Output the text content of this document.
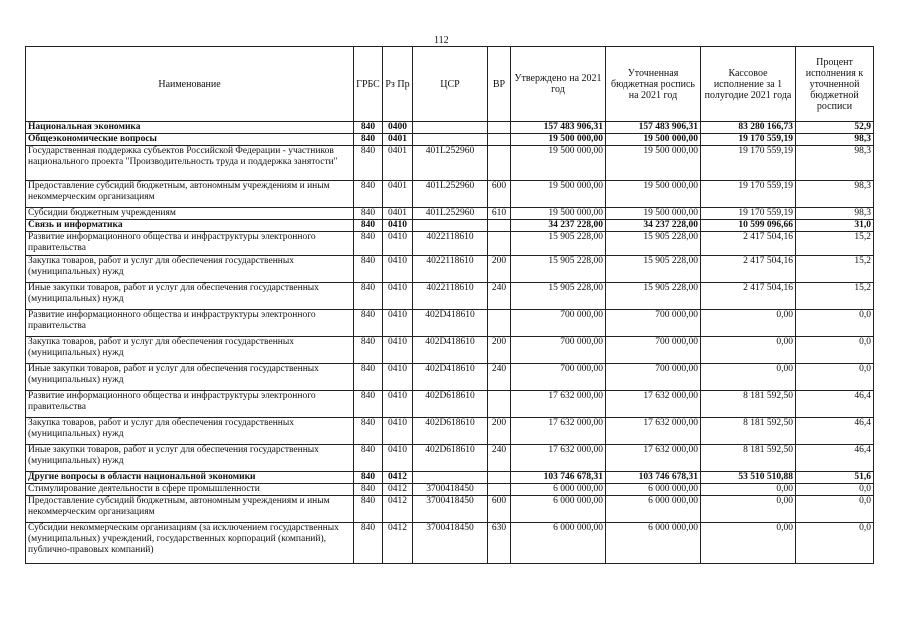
112
Наименование	ГРБС	Рз Пр	ЦСР	ВР	Утверждено на 2021 год	Уточненная бюджетная роспись на 2021 год	Кассовое исполнение за 1 полугодие 2021 года	Процент исполнения к уточненной бюджетной росписи
Национальная экономика	840	0400			157 483 906,31	157 483 906,31	83 280 166,73	52,9
Общеэкономические вопросы	840	0401			19 500 000,00	19 500 000,00	19 170 559,19	98,3
Государственная поддержка субъектов Российской Федерации - участников национального проекта "Производительность труда и поддержка занятости"	840	0401	401L252960		19 500 000,00	19 500 000,00	19 170 559,19	98,3
Предоставление субсидий бюджетным, автономным учреждениям и иным некоммерческим организациям	840	0401	401L252960	600	19 500 000,00	19 500 000,00	19 170 559,19	98,3
Субсидии бюджетным учреждениям	840	0401	401L252960	610	19 500 000,00	19 500 000,00	19 170 559,19	98,3
Связь и информатика	840	0410			34 237 228,00	34 237 228,00	10 599 096,66	31,0
Развитие информационного общества и инфраструктуры электронного правительства	840	0410	4022118610		15 905 228,00	15 905 228,00	2 417 504,16	15,2
Закупка товаров, работ и услуг для обеспечения государственных (муниципальных) нужд	840	0410	4022118610	200	15 905 228,00	15 905 228,00	2 417 504,16	15,2
Иные закупки товаров, работ и услуг для обеспечения государственных (муниципальных) нужд	840	0410	4022118610	240	15 905 228,00	15 905 228,00	2 417 504,16	15,2
Развитие информационного общества и инфраструктуры электронного правительства	840	0410	402D418610		700 000,00	700 000,00	0,00	0,0
Закупка товаров, работ и услуг для обеспечения государственных (муниципальных) нужд	840	0410	402D418610	200	700 000,00	700 000,00	0,00	0,0
Иные закупки товаров, работ и услуг для обеспечения государственных (муниципальных) нужд	840	0410	402D418610	240	700 000,00	700 000,00	0,00	0,0
Развитие информационного общества и инфраструктуры электронного правительства	840	0410	402D618610		17 632 000,00	17 632 000,00	8 181 592,50	46,4
Закупка товаров, работ и услуг для обеспечения государственных (муниципальных) нужд	840	0410	402D618610	200	17 632 000,00	17 632 000,00	8 181 592,50	46,4
Иные закупки товаров, работ и услуг для обеспечения государственных (муниципальных) нужд	840	0410	402D618610	240	17 632 000,00	17 632 000,00	8 181 592,50	46,4
Другие вопросы в области национальной экономики	840	0412			103 746 678,31	103 746 678,31	53 510 510,88	51,6
Стимулирование деятельности в сфере промышленности	840	0412	3700418450		6 000 000,00	6 000 000,00	0,00	0,0
Предоставление субсидий бюджетным, автономным учреждениям и иным некоммерческим организациям	840	0412	3700418450	600	6 000 000,00	6 000 000,00	0,00	0,0
Субсидии некоммерческим организациям (за исключением государственных (муниципальных) учреждений, государственных корпораций (компаний), публично-правовых компаний)	840	0412	3700418450	630	6 000 000,00	6 000 000,00	0,00	0,0
